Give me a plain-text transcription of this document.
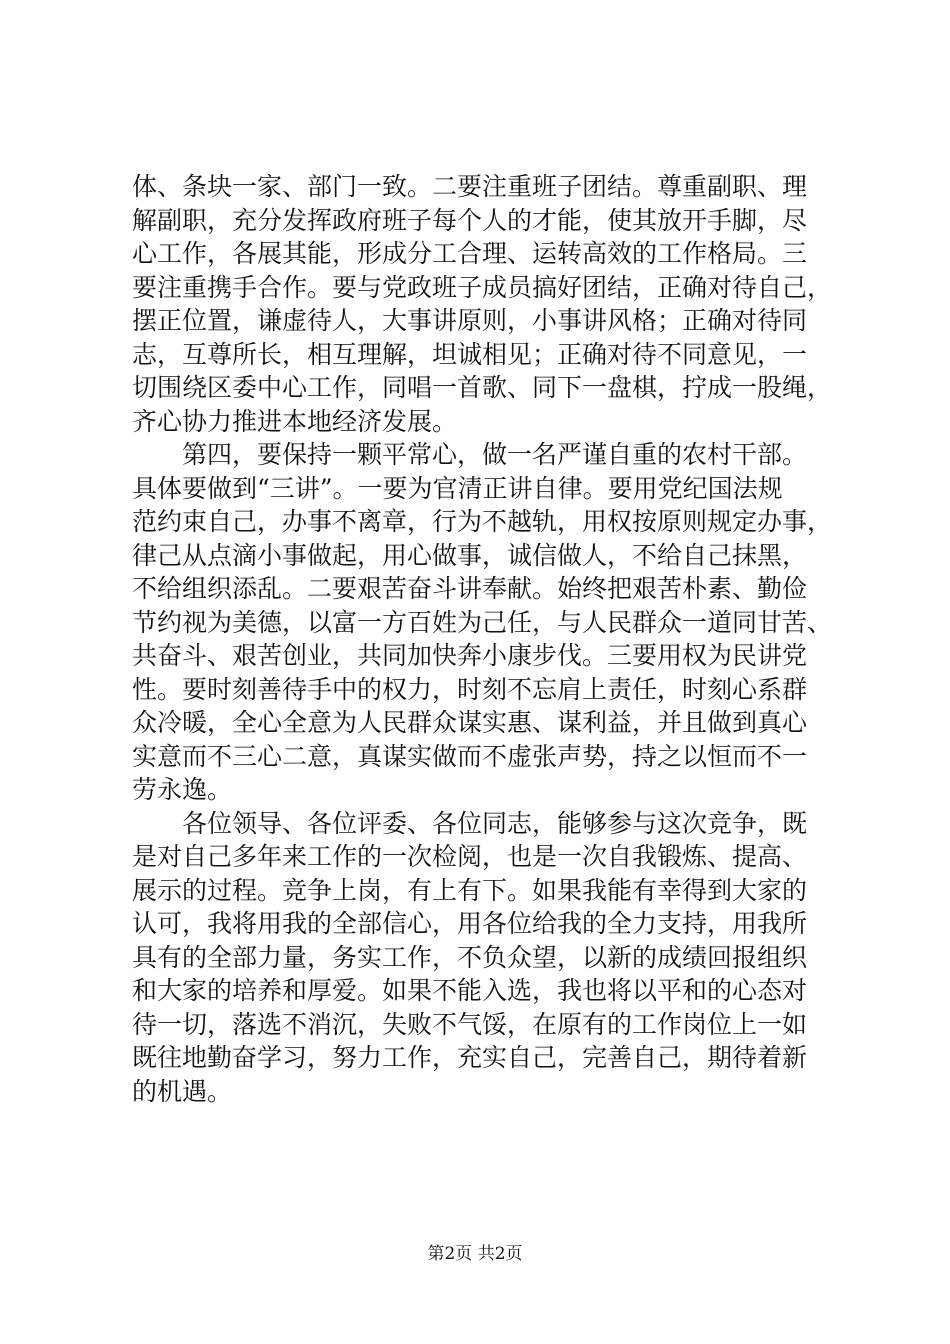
体、条块一家、部门一致。二要注重班子团结。尊重副职、理
解副职，充分发挥政府班子每个人的才能，使其放开手脚，尽
心工作，各展其能，形成分工合理、运转高效的工作格局。三
要注重携手合作。要与党政班子成员搞好团结，正确对待自己，
摆正位置，谦虚待人，大事讲原则，小事讲风格；正确对待同
志，互尊所长，相互理解，坦诚相见；正确对待不同意见，一
切围绕区委中心工作，同唱一首歌、同下一盘棋，拧成一股绳，
齐心协力推进本地经济发展。
第四，要保持一颗平常心，做一名严谨自重的农村干部。
具体要做到“三讲”。一要为官清正讲自律。要用党纪国法规
范约束自己，办事不离章，行为不越轨，用权按原则规定办事，
律己从点滴小事做起，用心做事，诚信做人，不给自己抹黑，
不给组织添乱。二要艰苦奋斗讲奉献。始终把艰苦朴素、勤俭
节约视为美德，以富一方百姓为己任，与人民群众一道同甘苦、
共奋斗、艰苦创业，共同加快奔小康步伐。三要用权为民讲党
性。要时刻善待手中的权力，时刻不忘肩上责任，时刻心系群
众冷暖，全心全意为人民群众谋实惠、谋利益，并且做到真心
实意而不三心二意，真谋实做而不虚张声势，持之以恒而不一
劳永逸。
各位领导、各位评委、各位同志，能够参与这次竞争，既
是对自己多年来工作的一次检阅，也是一次自我锻炼、提高、
展示的过程。竞争上岗，有上有下。如果我能有幸得到大家的
认可，我将用我的全部信心，用各位给我的全力支持，用我所
具有的全部力量，务实工作，不负众望，以新的成绩回报组织
和大家的培养和厚爱。如果不能入选，我也将以平和的心态对
待一切，落选不消沉，失败不气馁，在原有的工作岗位上一如
既往地勤奋学习，努力工作，充实自己，完善自己，期待着新
的机遇。
第2页 共2页
